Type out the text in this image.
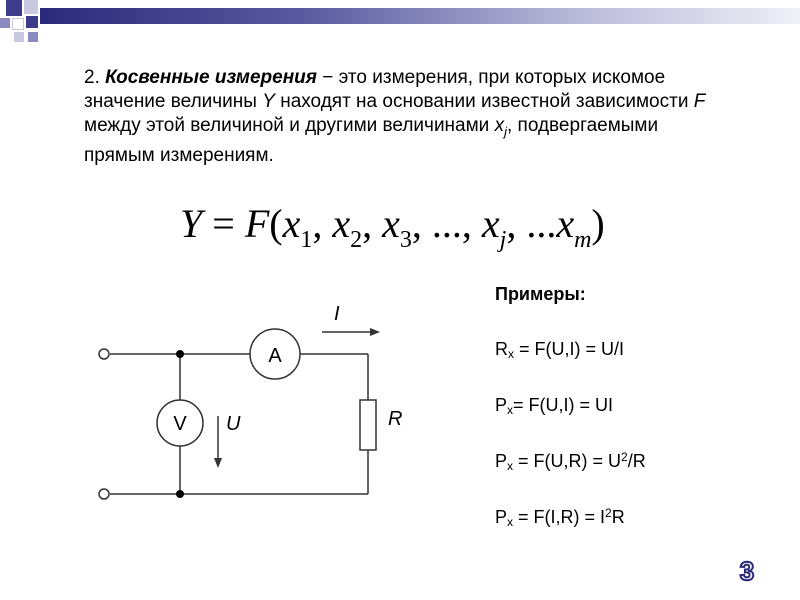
2. Косвенные измерения − это измерения, при которых искомое значение величины Y находят на основании известной зависимости F между этой величиной и другими величинами $x_j$, подвергаемыми прямым измерениям.
$Y = F(x_1$, $x_2$, $x_3$, ..., $x_j$, $...x_m$)
A
V	R
I
U
Примеры:
$R_x = F(U,I) = U/I$
$P_x= F(U,I)$ = UI
$P_x = F(U,R) = U^2/R$
$P_x = F(I,R) = I^2R$
3
